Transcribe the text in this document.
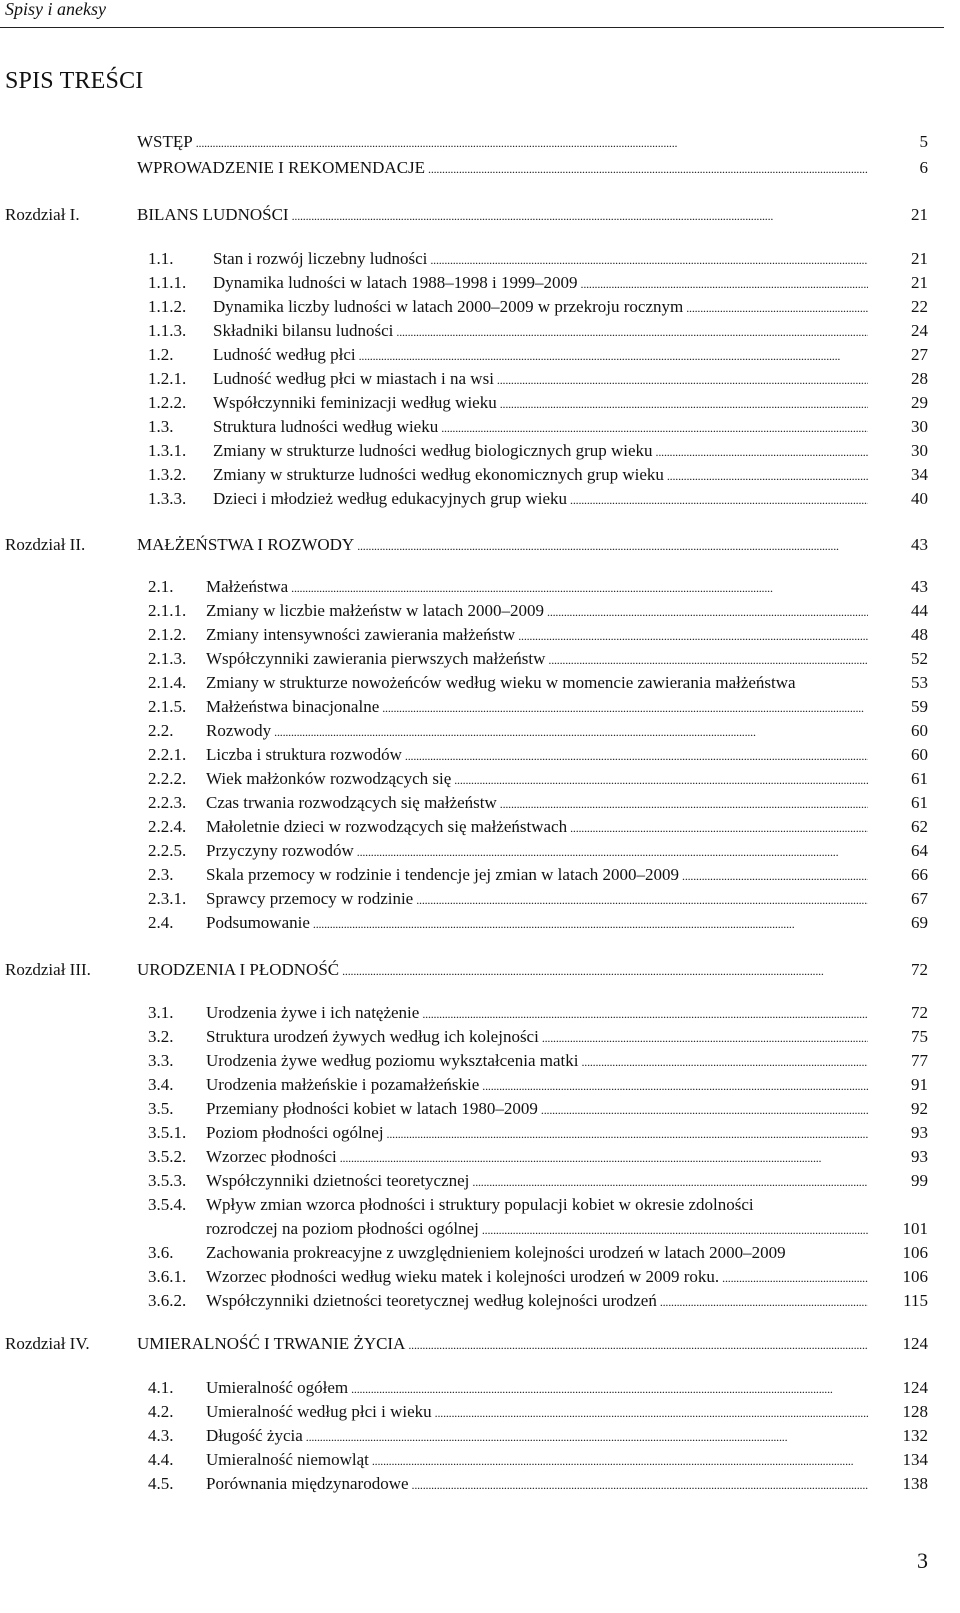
Spisy i aneksy
SPIS TREŚCI
WSTĘP . . .	5
WPROWADZENIE I REKOMENDACJE . . .	6
Rozdział I.	BILANS LUDNOŚCI . . .	21
1.1. Stan i rozwój liczebny ludności . . .	21
1.1.1. Dynamika ludności w latach 1988–1998 i 1999–2009 . . .	21
1.1.2. Dynamika liczby ludności w latach 2000–2009 w przekroju rocznym . . .	22
1.1.3. Składniki bilansu ludności . . .	24
1.2. Ludność według płci . . .	27
1.2.1. Ludność według płci w miastach i na wsi . . .	28
1.2.2. Współczynniki feminizacji według wieku . . .	29
1.3. Struktura ludności według wieku . . .	30
1.3.1. Zmiany w strukturze ludności według biologicznych grup wieku . . .	30
1.3.2. Zmiany w strukturze ludności według ekonomicznych grup wieku . . .	34
1.3.3. Dzieci i młodzież według edukacyjnych grup wieku . . .	40
Rozdział II.	MAŁŻEŃSTWA I ROZWODY . . .	43
2.1. Małżeństwa . . .	43
2.1.1. Zmiany w liczbie małżeństw w latach 2000–2009 . . .	44
2.1.2. Zmiany intensywności zawierania małżeństw . . .	48
2.1.3. Współczynniki zawierania pierwszych małżeństw . . .	52
2.1.4. Zmiany w strukturze nowożeńców według wieku w momencie zawierania małżeństwa	53
2.1.5. Małżeństwa binacjonalne . . .	59
2.2. Rozwody . . .	60
2.2.1. Liczba i struktura rozwodów . . .	60
2.2.2. Wiek małżonków rozwodzących się . . .	61
2.2.3. Czas trwania rozwodzących się małżeństw . . .	61
2.2.4. Małoletnie dzieci w rozwodzących się małżeństwach . . .	62
2.2.5. Przyczyny rozwodów . . .	64
2.3. Skala przemocy w rodzinie i tendencje jej zmian w latach 2000–2009 . . .	66
2.3.1. Sprawcy przemocy w rodzinie . . .	67
2.4. Podsumowanie . . .	69
Rozdział III.	URODZENIA I PŁODNOŚĆ . . .	72
3.1. Urodzenia żywe i ich natężenie . . .	72
3.2. Struktura urodzeń żywych według ich kolejności . . .	75
3.3. Urodzenia żywe według poziomu wykształcenia matki . . .	77
3.4. Urodzenia małżeńskie i pozamałżeńskie . . .	91
3.5. Przemiany płodności kobiet w latach 1980–2009 . . .	92
3.5.1. Poziom płodności ogólnej . . .	93
3.5.2. Wzorzec płodności . . .	93
3.5.3. Współczynniki dzietności teoretycznej . . .	99
3.5.4. Wpływ zmian wzorca płodności i struktury populacji kobiet w okresie zdolności
rozrodczej na poziom płodności ogólnej . . .	101
3.6. Zachowania prokreacyjne z uwzględnieniem kolejności urodzeń w latach 2000–2009	106
3.6.1. Wzorzec płodności według wieku matek i kolejności urodzeń w 2009 roku. . . .	106
3.6.2. Współczynniki dzietności teoretycznej według kolejności urodzeń . . .	115
Rozdział IV.	UMIERALNOŚĆ I TRWANIE ŻYCIA . . .	124
4.1. Umieralność ogółem . . .	124
4.2. Umieralność według płci i wieku . . .	128
4.3. Długość życia . . .	132
4.4. Umieralność niemowląt . . .	134
4.5. Porównania międzynarodowe . . .	138
3
